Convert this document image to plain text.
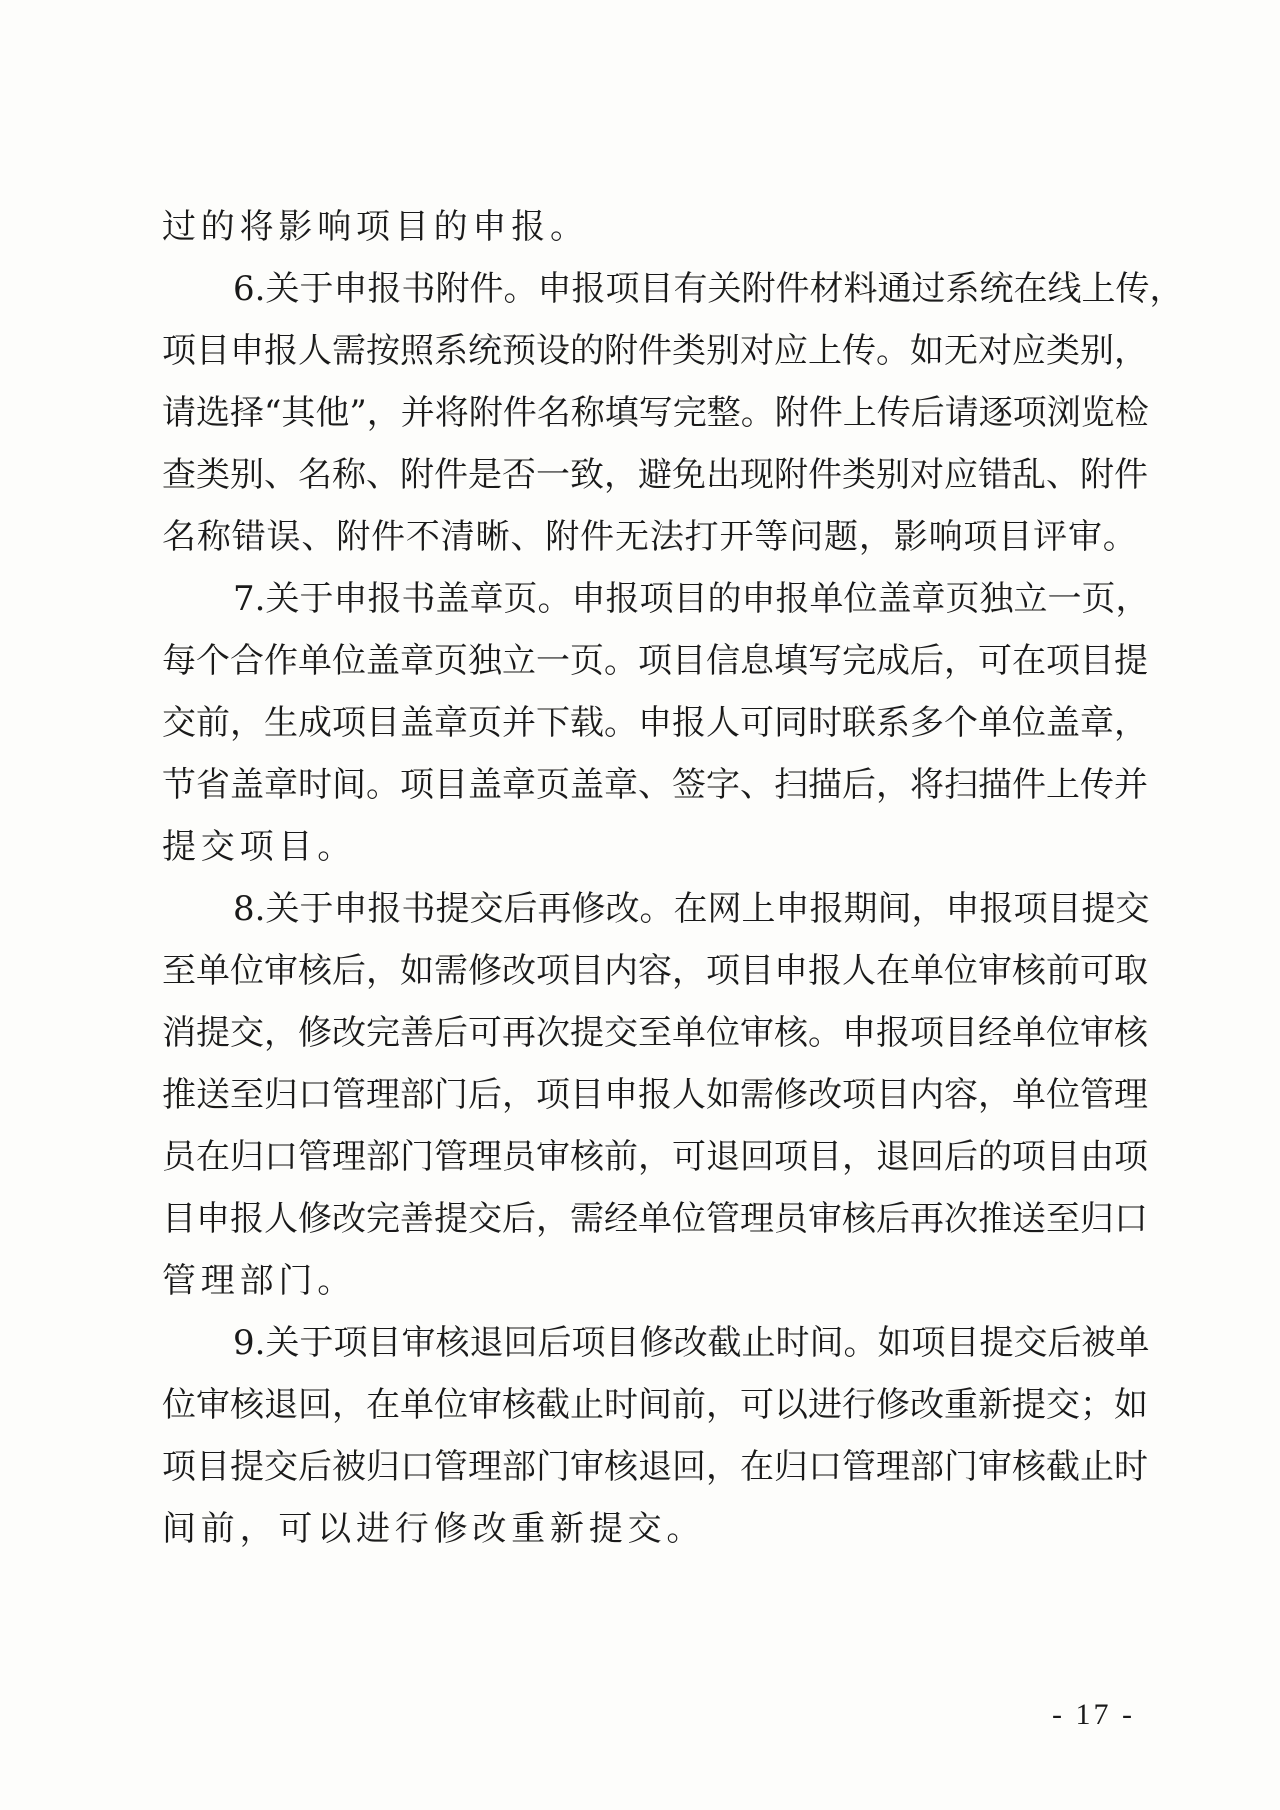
过的将影响项目的申报。
6 . 关 于 申 报 书 附 件 。 申 报 项 目 有 关 附 件 材 料 通 过 系 统 在 线 上 传 ，
项 目 申 报 人 需 按 照 系 统 预 设 的 附 件 类 别 对 应 上 传 。 如 无 对 应 类 别 ，
请 选 择 “ 其 他 ” ， 并 将 附 件 名 称 填 写 完 整 。 附 件 上 传 后 请 逐 项 浏 览 检
查 类 别 、 名 称 、 附 件 是 否 一 致 ， 避 免 出 现 附 件 类 别 对 应 错 乱 、 附 件
名 称 错 误 、 附 件 不 清 晰 、 附 件 无 法 打 开 等 问 题 ， 影 响 项 目 评 审 。
7 . 关 于 申 报 书 盖 章 页 。 申 报 项 目 的 申 报 单 位 盖 章 页 独 立 一 页 ，
每 个 合 作 单 位 盖 章 页 独 立 一 页 。 项 目 信 息 填 写 完 成 后 ， 可 在 项 目 提
交 前 ， 生 成 项 目 盖 章 页 并 下 载 。 申 报 人 可 同 时 联 系 多 个 单 位 盖 章 ，
节 省 盖 章 时 间 。 项 目 盖 章 页 盖 章 、 签 字 、 扫 描 后 ， 将 扫 描 件 上 传 并
提交项目。
8 . 关 于 申 报 书 提 交 后 再 修 改 。 在 网 上 申 报 期 间 ， 申 报 项 目 提 交
至 单 位 审 核 后 ， 如 需 修 改 项 目 内 容 ， 项 目 申 报 人 在 单 位 审 核 前 可 取
消 提 交 ， 修 改 完 善 后 可 再 次 提 交 至 单 位 审 核 。 申 报 项 目 经 单 位 审 核
推 送 至 归 口 管 理 部 门 后 ， 项 目 申 报 人 如 需 修 改 项 目 内 容 ， 单 位 管 理
员 在 归 口 管 理 部 门 管 理 员 审 核 前 ， 可 退 回 项 目 ， 退 回 后 的 项 目 由 项
目 申 报 人 修 改 完 善 提 交 后 ， 需 经 单 位 管 理 员 审 核 后 再 次 推 送 至 归 口
管理部门。
9 . 关 于 项 目 审 核 退 回 后 项 目 修 改 截 止 时 间 。 如 项 目 提 交 后 被 单
位 审 核 退 回 ， 在 单 位 审 核 截 止 时 间 前 ， 可 以 进 行 修 改 重 新 提 交 ； 如
项 目 提 交 后 被 归 口 管 理 部 门 审 核 退 回 ， 在 归 口 管 理 部 门 审 核 截 止 时
间前，可以进行修改重新提交。
- 17 -
